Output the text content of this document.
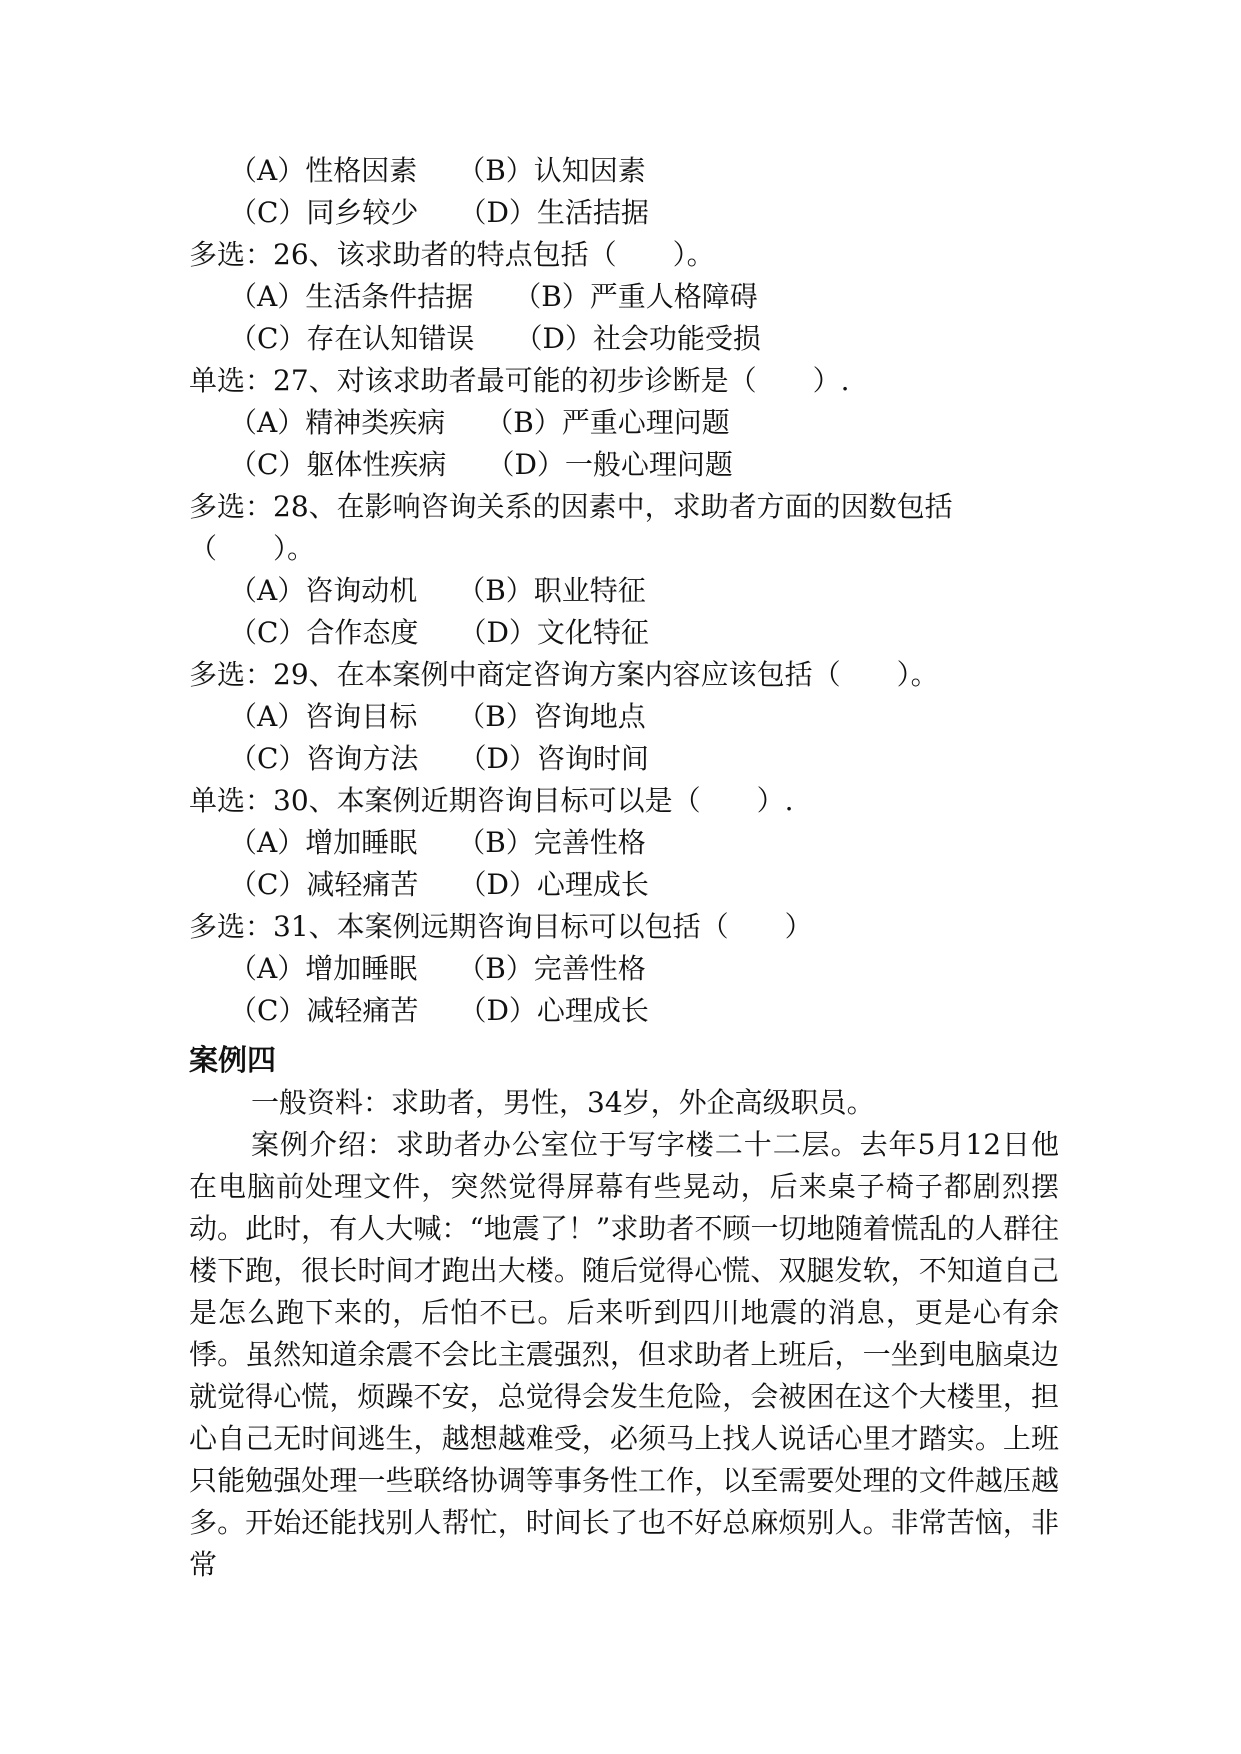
（A）性格因素 （B）认知因素
（C）同乡较少 （D）生活拮据
多选：26、该求助者的特点包括（　　）。
（A）生活条件拮据 （B）严重人格障碍
（C）存在认知错误 （D）社会功能受损
单选：27、对该求助者最可能的初步诊断是（　　）.
（A）精神类疾病 （B）严重心理问题
（C）躯体性疾病 （D）一般心理问题
多选：28、在影响咨询关系的因素中，求助者方面的因数包括
（　　）。
（A）咨询动机 （B）职业特征
（C）合作态度 （D）文化特征
多选：29、在本案例中商定咨询方案内容应该包括（　　）。
（A）咨询目标 （B）咨询地点
（C）咨询方法 （D）咨询时间
单选：30、本案例近期咨询目标可以是（　　）.
（A）增加睡眠 （B）完善性格
（C）减轻痛苦 （D）心理成长
多选：31、本案例远期咨询目标可以包括（　　）
（A）增加睡眠 （B）完善性格
（C）减轻痛苦 （D）心理成长
案例四

一般资料：求助者，男性，34岁，外企高级职员。

案例介绍：求助者办公室位于写字楼二十二层。去年5月12日他在电脑前处理文件，突然觉得屏幕有些晃动，后来桌子椅子都剧烈摆动。此时，有人大喊：“地震了！”求助者不顾一切地随着慌乱的人群往楼下跑，很长时间才跑出大楼。随后觉得心慌、双腿发软，不知道自己是怎么跑下来的，后怕不已。后来听到四川地震的消息，更是心有余悸。虽然知道余震不会比主震强烈，但求助者上班后，一坐到电脑桌边就觉得心慌，烦躁不安，总觉得会发生危险，会被困在这个大楼里，担心自己无时间逃生，越想越难受，必须马上找人说话心里才踏实。上班只能勉强处理一些联络协调等事务性工作，以至需要处理的文件越压越多。开始还能找别人帮忙，时间长了也不好总麻烦别人。非常苦恼，非常
